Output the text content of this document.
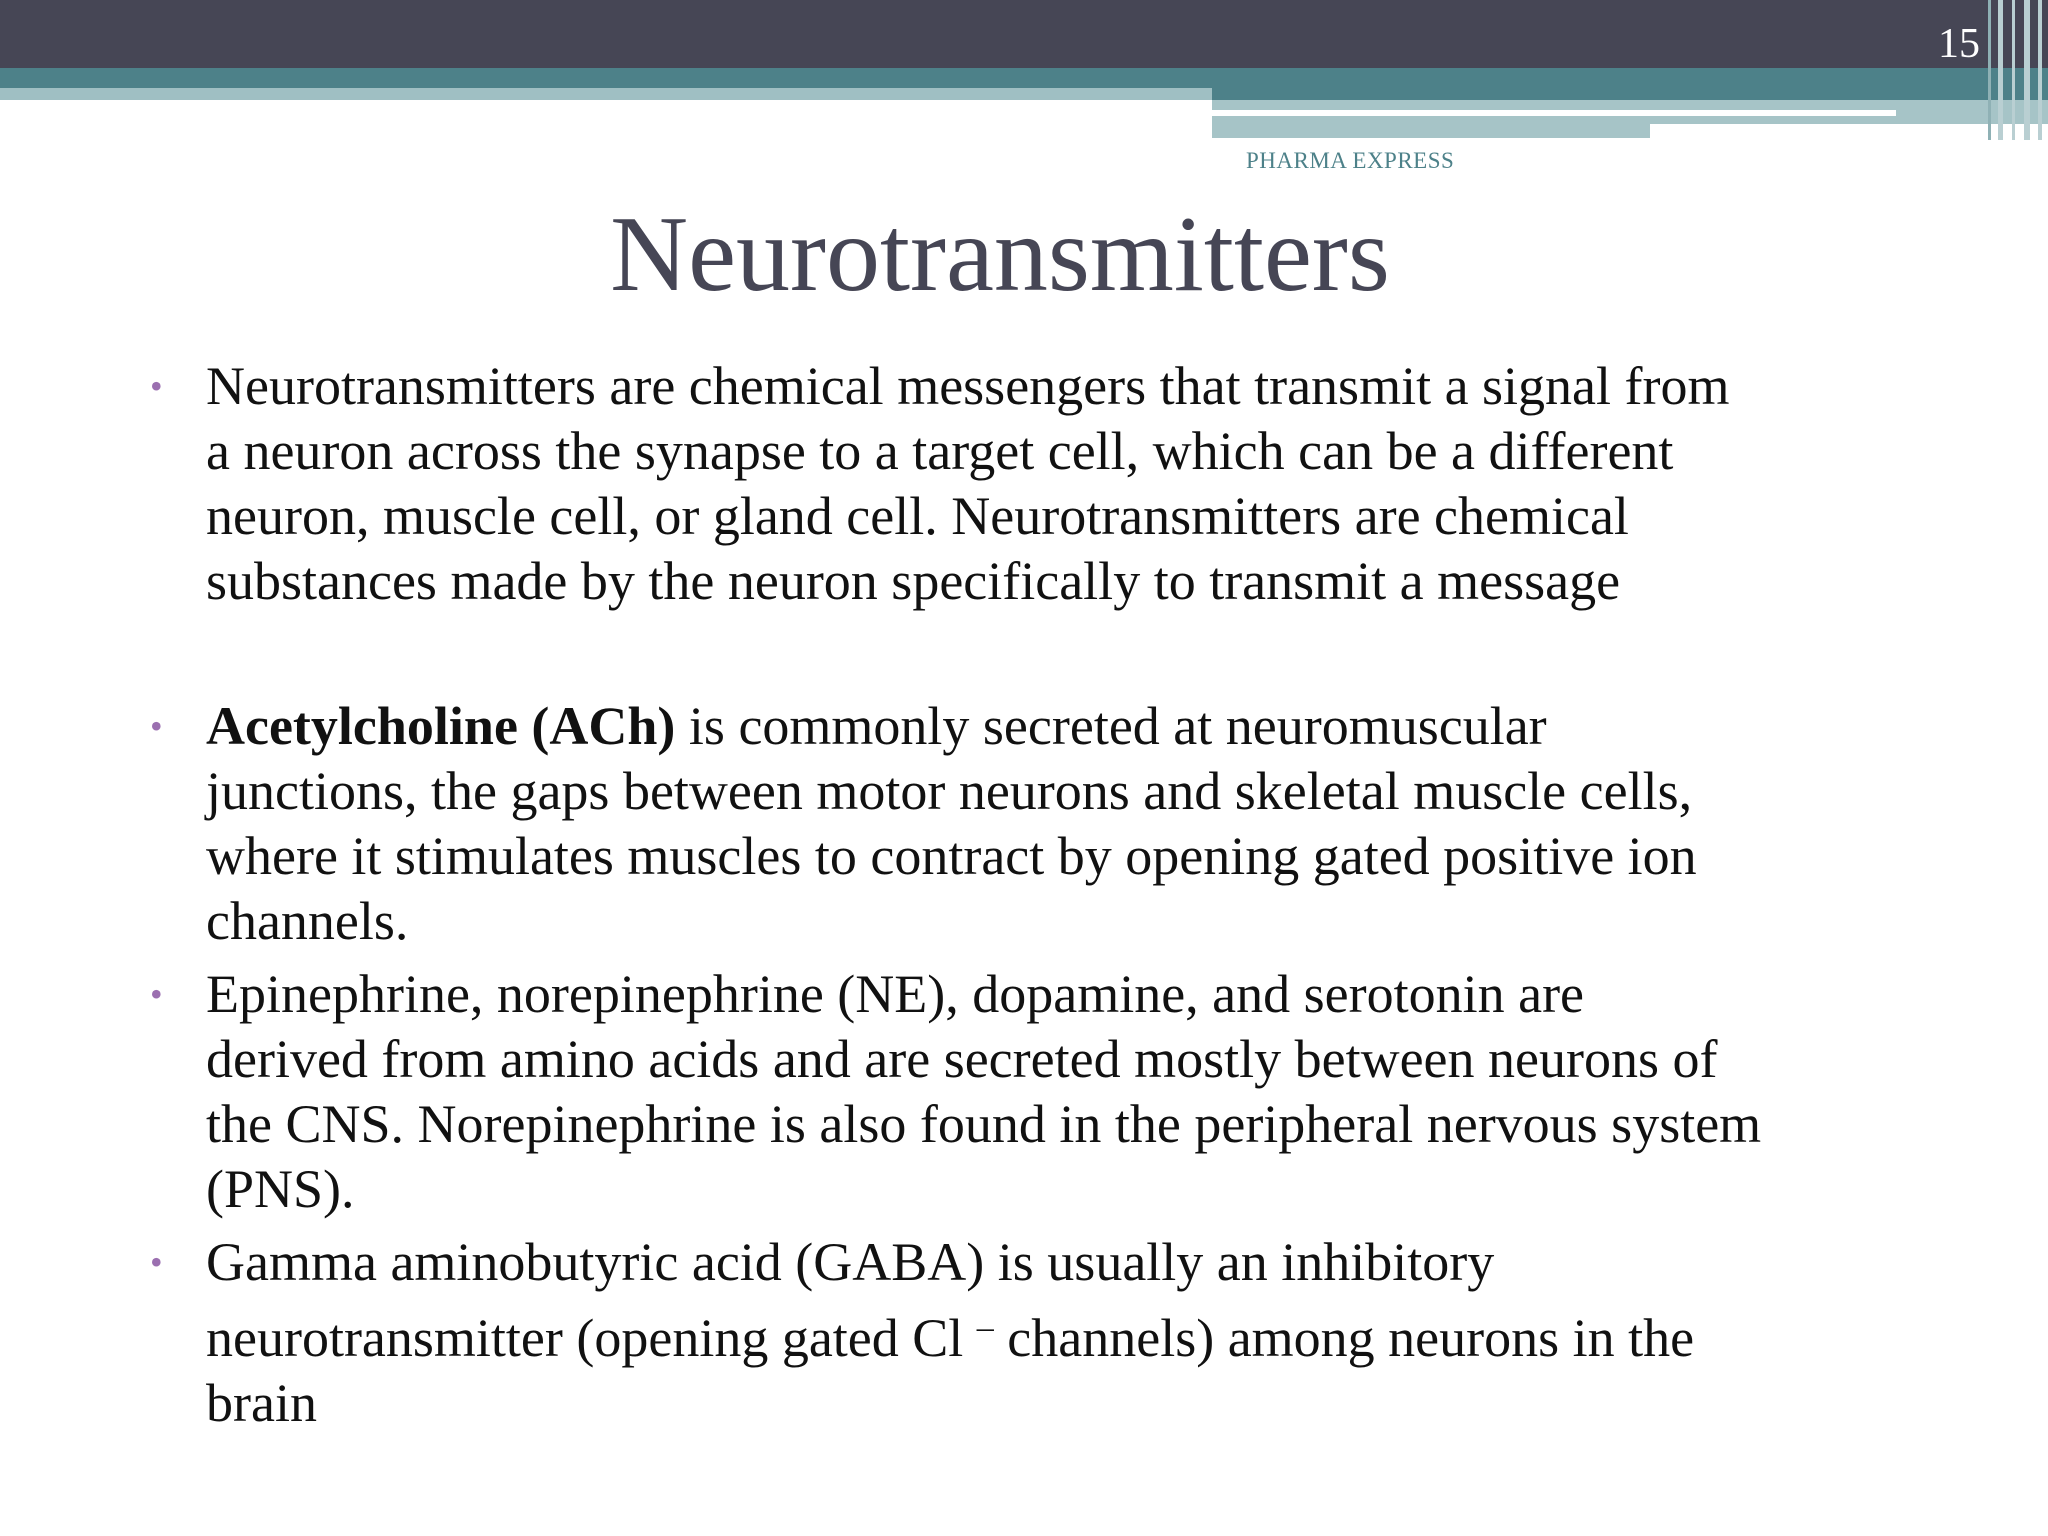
15
PHARMA EXPRESS
Neurotransmitters
• Neurotransmitters are chemical messengers that transmit a signal from
a neuron across the synapse to a target cell, which can be a different
neuron, muscle cell, or gland cell. Neurotransmitters are chemical
substances made by the neuron specifically to transmit a message
• Acetylcholine (ACh) is commonly secreted at neuromuscular
junctions, the gaps between motor neurons and skeletal muscle cells,
where it stimulates muscles to contract by opening gated positive ion
channels.
• Epinephrine, norepinephrine (NE), dopamine, and serotonin are
derived from amino acids and are secreted mostly between neurons of
the CNS. Norepinephrine is also found in the peripheral nervous system
(PNS).
• Gamma aminobutyric acid (GABA) is usually an inhibitory
neurotransmitter (opening gated Cl – channels) among neurons in the
brain
